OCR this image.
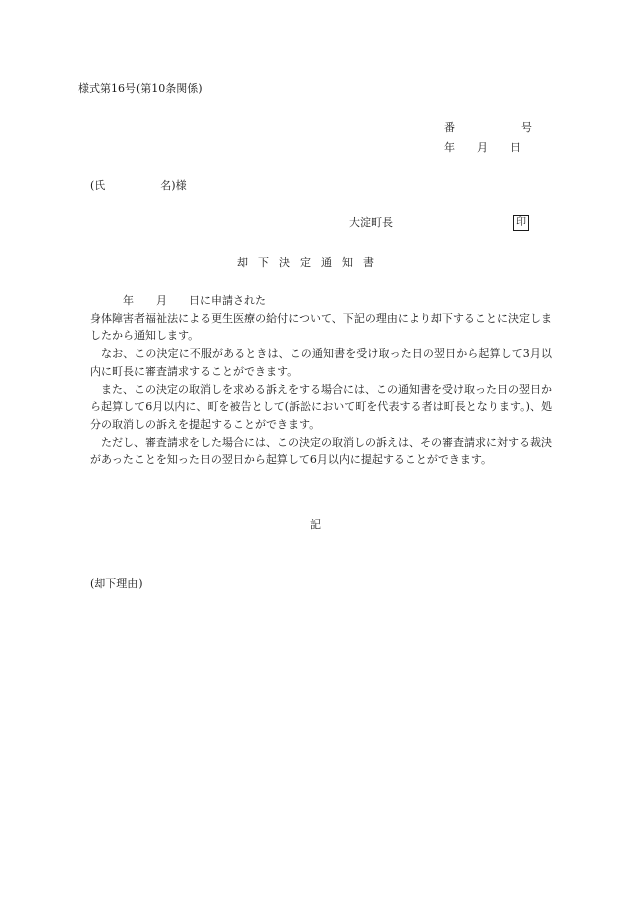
様式第16号(第10条関係)
番　　　　　　号
年　　月　　日
(氏　　　　　名)様
大淀町長	印
却 下 決 定 通 知 書

年　　月　　日に申請された

身体障害者福祉法による更生医療の給付について、下記の理由により却下することに決定しましたから通知します。

なお、この決定に不服があるときは、この通知書を受け取った日の翌日から起算して3月以内に町長に審査請求することができます。

また、この決定の取消しを求める訴えをする場合には、この通知書を受け取った日の翌日から起算して6月以内に、町を被告として(訴訟において町を代表する者は町長となります。)、処分の取消しの訴えを提起することができます。

ただし、審査請求をした場合には、この決定の取消しの訴えは、その審査請求に対する裁決があったことを知った日の翌日から起算して6月以内に提起することができます。

記
(却下理由)
